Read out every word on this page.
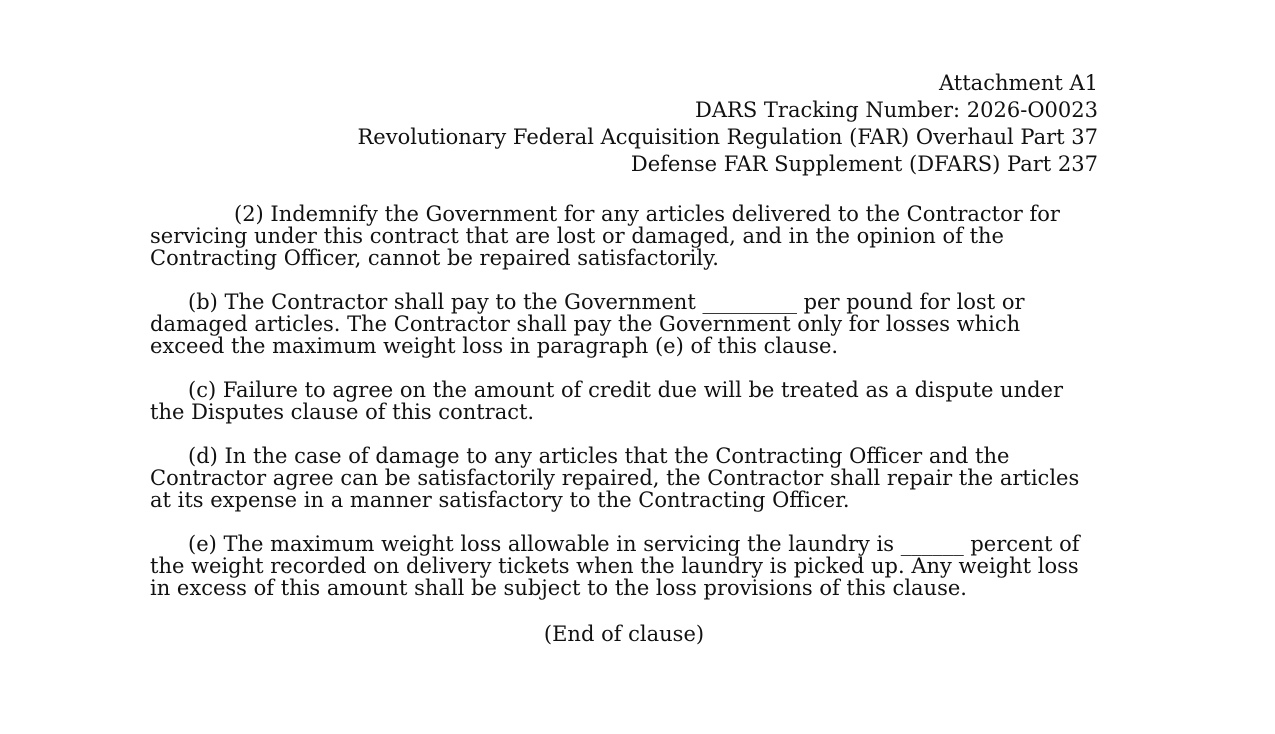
Attachment A1
DARS Tracking Number: 2026-O0023
Revolutionary Federal Acquisition Regulation (FAR) Overhaul Part 37
Defense FAR Supplement (DFARS) Part 237

(2) Indemnify the Government for any articles delivered to the Contractor for servicing under this contract that are lost or damaged, and in the opinion of the Contracting Officer, cannot be repaired satisfactorily.

(b) The Contractor shall pay to the Government _________ per pound for lost or damaged articles. The Contractor shall pay the Government only for losses which exceed the maximum weight loss in paragraph (e) of this clause.

(c) Failure to agree on the amount of credit due will be treated as a dispute under the Disputes clause of this contract.

(d) In the case of damage to any articles that the Contracting Officer and the Contractor agree can be satisfactorily repaired, the Contractor shall repair the articles at its expense in a manner satisfactory to the Contracting Officer.

(e) The maximum weight loss allowable in servicing the laundry is ______ percent of the weight recorded on delivery tickets when the laundry is picked up. Any weight loss in excess of this amount shall be subject to the loss provisions of this clause.

(End of clause)
